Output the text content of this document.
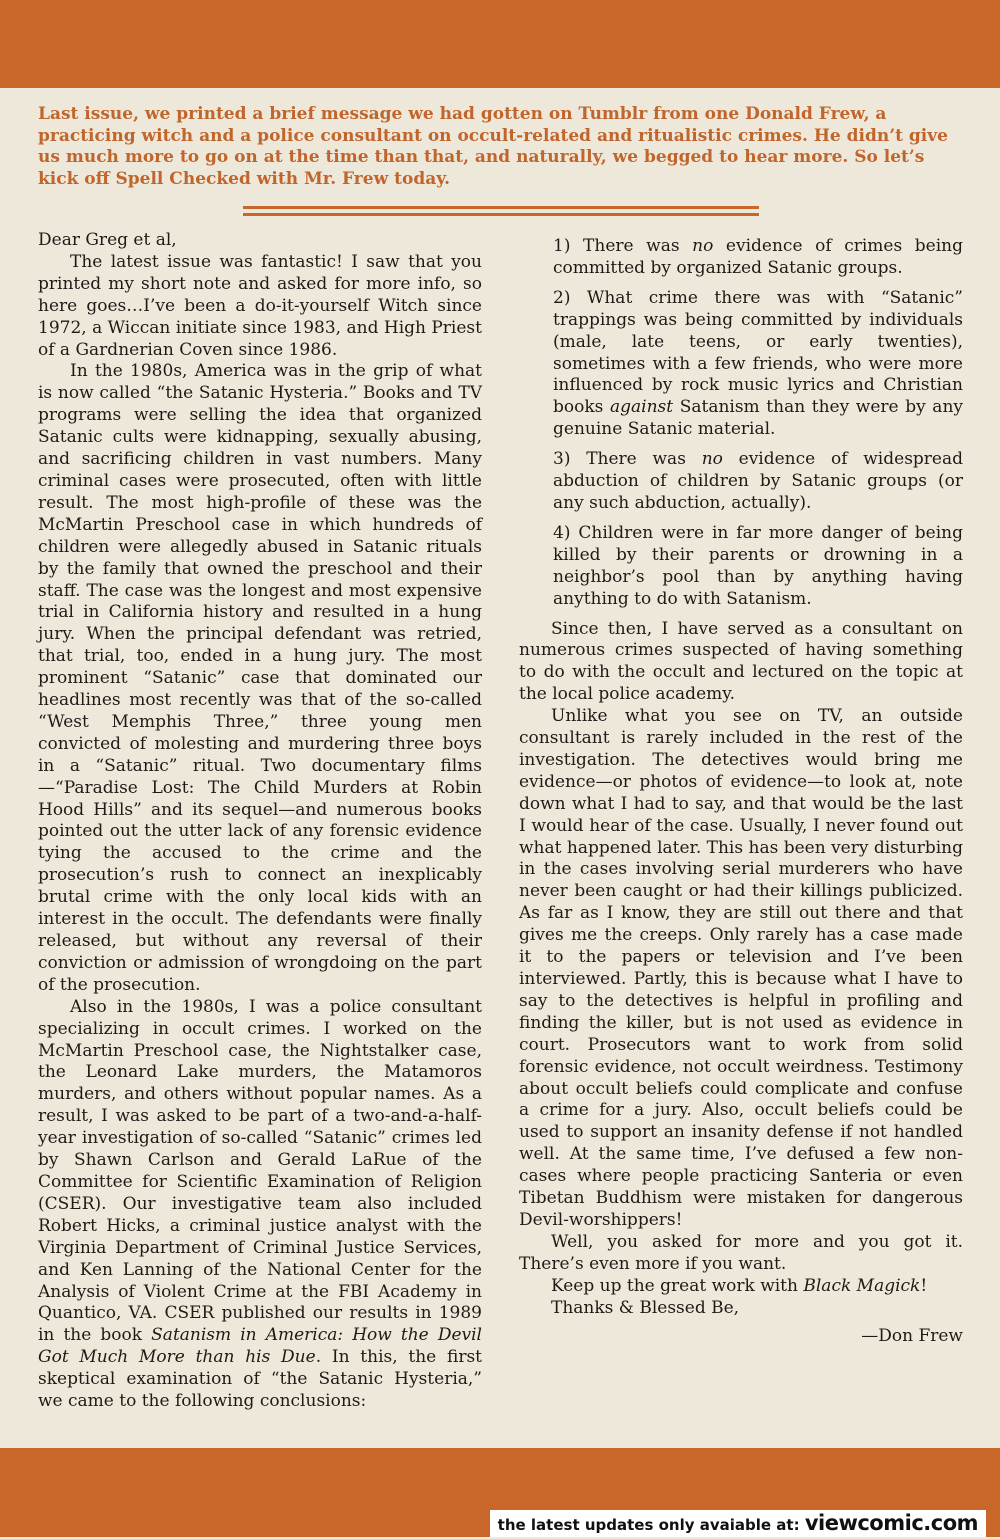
Last issue, we printed a brief message we had gotten on Tumblr from one Donald Frew, a practicing witch and a police consultant on occult-related and ritualistic crimes. He didn’t give us much more to go on at the time than that, and naturally, we begged to hear more. So let’s kick off Spell Checked with Mr. Frew today.

Dear Greg et al,

The latest issue was fantastic! I saw that you printed my short note and asked for more info, so here goes…I’ve been a do-it-yourself Witch since 1972, a Wiccan initiate since 1983, and High Priest of a Gardnerian Coven since 1986.

In the 1980s, America was in the grip of what is now called “the Satanic Hysteria.” Books and TV programs were selling the idea that organized Satanic cults were kidnapping, sexually abusing, and sacrificing children in vast numbers. Many criminal cases were prosecuted, often with little result. The most high-profile of these was the McMartin Preschool case in which hundreds of children were allegedly abused in Satanic rituals by the family that owned the preschool and their staff. The case was the longest and most expensive trial in California history and resulted in a hung jury. When the principal defendant was retried, that trial, too, ended in a hung jury. The most prominent “Satanic” case that dominated our headlines most recently was that of the so-called “West Memphis Three,” three young men convicted of molesting and murdering three boys in a “Satanic” ritual. Two documentary films—“Paradise Lost: The Child Murders at Robin Hood Hills” and its sequel—and numerous books pointed out the utter lack of any forensic evidence tying the accused to the crime and the prosecution’s rush to connect an inexplicably brutal crime with the only local kids with an interest in the occult. The defendants were finally released, but without any reversal of their conviction or admission of wrongdoing on the part of the prosecution.

Also in the 1980s, I was a police consultant specializing in occult crimes. I worked on the McMartin Preschool case, the Nightstalker case, the Leonard Lake murders, the Matamoros murders, and others without popular names. As a result, I was asked to be part of a two-and-a-half-year investigation of so-called “Satanic” crimes led by Shawn Carlson and Gerald LaRue of the Committee for Scientific Examination of Religion (CSER). Our investigative team also included Robert Hicks, a criminal justice analyst with the Virginia Department of Criminal Justice Services, and Ken Lanning of the National Center for the Analysis of Violent Crime at the FBI Academy in Quantico, VA. CSER published our results in 1989 in the book Satanism in America: How the Devil Got Much More than his Due. In this, the first skeptical examination of “the Satanic Hysteria,” we came to the following conclusions:

1) There was no evidence of crimes being committed by organized Satanic groups.

2) What crime there was with “Satanic” trappings was being committed by individuals (male, late teens, or early twenties), sometimes with a few friends, who were more influenced by rock music lyrics and Christian books against Satanism than they were by any genuine Satanic material.

3) There was no evidence of widespread abduction of children by Satanic groups (or any such abduction, actually).

4) Children were in far more danger of being killed by their parents or drowning in a neighbor’s pool than by anything having anything to do with Satanism.

Since then, I have served as a consultant on numerous crimes suspected of having something to do with the occult and lectured on the topic at the local police academy.

Unlike what you see on TV, an outside consultant is rarely included in the rest of the investigation. The detectives would bring me evidence—or photos of evidence—to look at, note down what I had to say, and that would be the last I would hear of the case. Usually, I never found out what happened later. This has been very disturbing in the cases involving serial murderers who have never been caught or had their killings publicized. As far as I know, they are still out there and that gives me the creeps. Only rarely has a case made it to the papers or television and I’ve been interviewed. Partly, this is because what I have to say to the detectives is helpful in profiling and finding the killer, but is not used as evidence in court. Prosecutors want to work from solid forensic evidence, not occult weirdness. Testimony about occult beliefs could complicate and confuse a crime for a jury. Also, occult beliefs could be used to support an insanity defense if not handled well. At the same time, I’ve defused a few non-cases where people practicing Santeria or even Tibetan Buddhism were mistaken for dangerous Devil-worshippers!

Well, you asked for more and you got it. There’s even more if you want.

Keep up the great work with Black Magick!

Thanks & Blessed Be,

—Don Frew

the latest updates only avaiable at: viewcomic.com
